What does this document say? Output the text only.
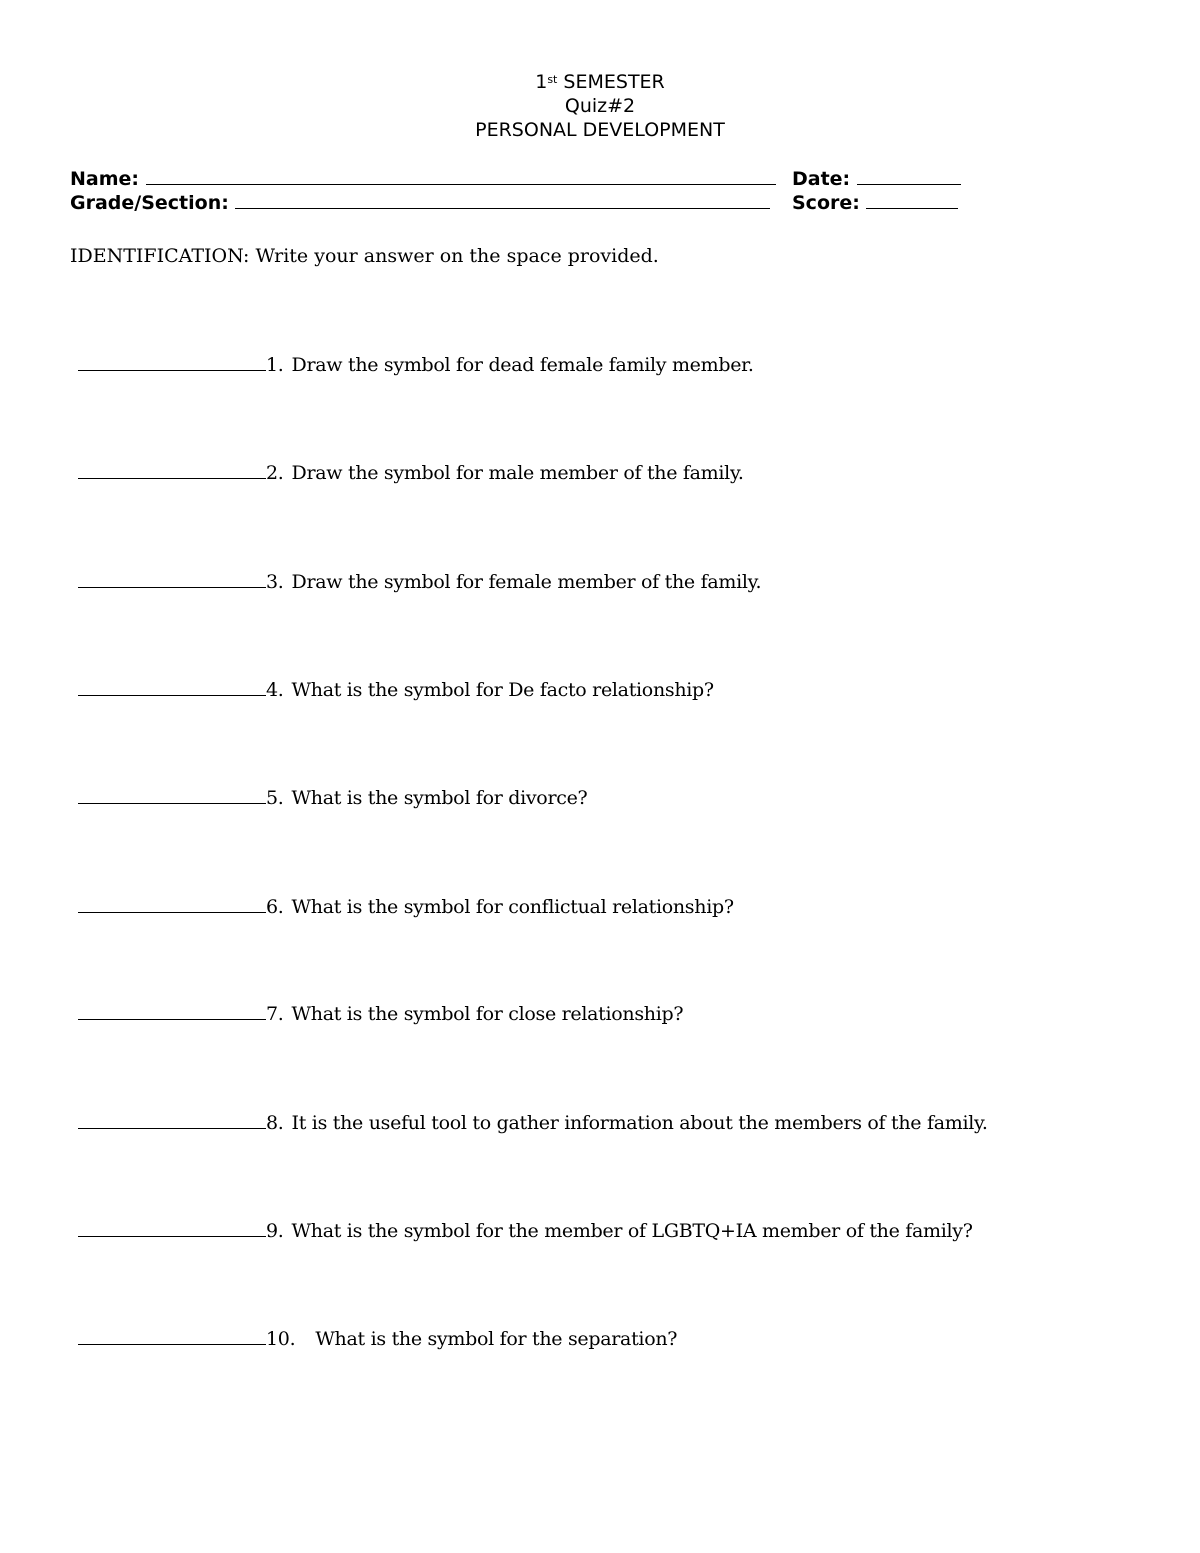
1st SEMESTER
Quiz#2
PERSONAL DEVELOPMENT
Name:	Date:
Grade/Section:	Score:
IDENTIFICATION: Write your answer on the space provided.
1. Draw the symbol for dead female family member.
2. Draw the symbol for male member of the family.
3. Draw the symbol for female member of the family.
4. What is the symbol for De facto relationship?
5. What is the symbol for divorce?
6. What is the symbol for conflictual relationship?
7. What is the symbol for close relationship?
8. It is the useful tool to gather information about the members of the family.
9. What is the symbol for the member of LGBTQ+IA member of the family?
10. What is the symbol for the separation?
